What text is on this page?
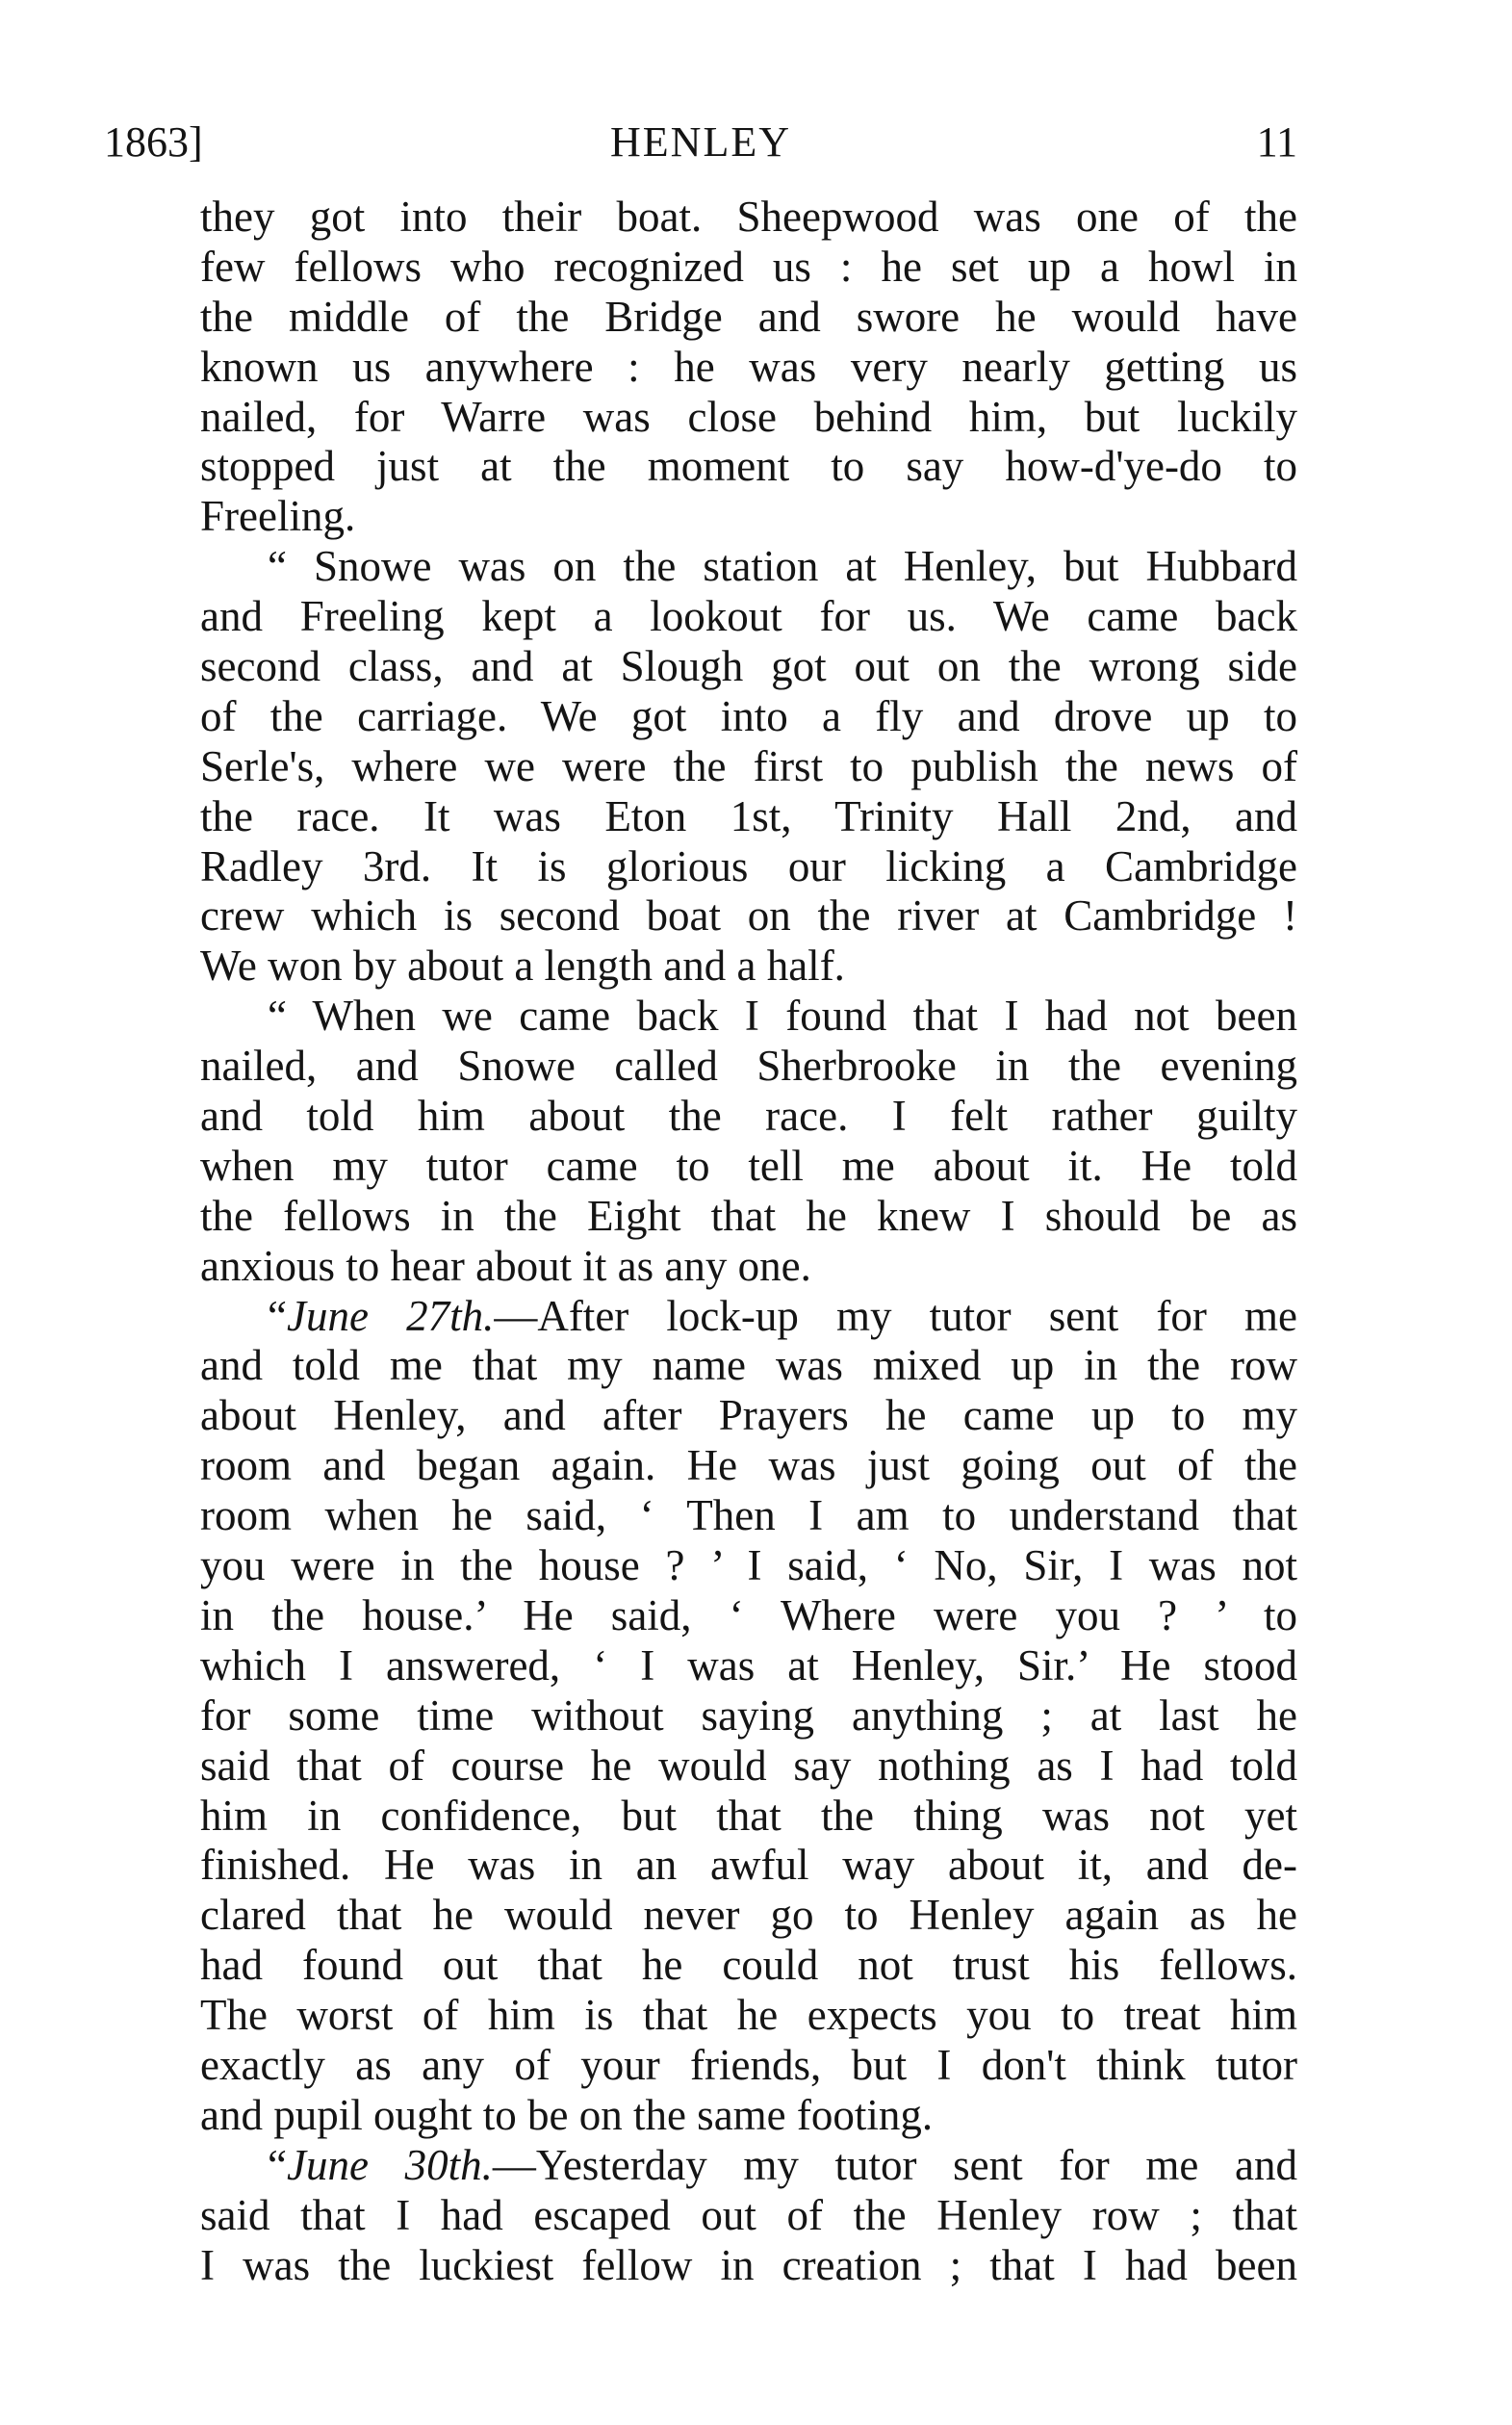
1863]	HENLEY	11
they got into their boat. Sheepwood was one of the
few fellows who recognized us : he set up a howl in
the middle of the Bridge and swore he would have
known us anywhere : he was very nearly getting us
nailed, for Warre was close behind him, but luckily
stopped just at the moment to say how-d'ye-do to
Freeling.
“ Snowe was on the station at Henley, but Hubbard
and Freeling kept a lookout for us. We came back
second class, and at Slough got out on the wrong side
of the carriage. We got into a fly and drove up to
Serle's, where we were the first to publish the news of
the race. It was Eton 1st, Trinity Hall 2nd, and
Radley 3rd. It is glorious our licking a Cambridge
crew which is second boat on the river at Cambridge !
We won by about a length and a half.
“ When we came back I found that I had not been
nailed, and Snowe called Sherbrooke in the evening
and told him about the race. I felt rather guilty
when my tutor came to tell me about it. He told
the fellows in the Eight that he knew I should be as
anxious to hear about it as any one.
“June 27th.—After lock-up my tutor sent for me
and told me that my name was mixed up in the row
about Henley, and after Prayers he came up to my
room and began again. He was just going out of the
room when he said, ‘ Then I am to understand that
you were in the house ? ’ I said, ‘ No, Sir, I was not
in the house.’ He said, ‘ Where were you ? ’ to
which I answered, ‘ I was at Henley, Sir.’ He stood
for some time without saying anything ; at last he
said that of course he would say nothing as I had told
him in confidence, but that the thing was not yet
finished. He was in an awful way about it, and de-
clared that he would never go to Henley again as he
had found out that he could not trust his fellows.
The worst of him is that he expects you to treat him
exactly as any of your friends, but I don't think tutor
and pupil ought to be on the same footing.
“June 30th.—Yesterday my tutor sent for me and
said that I had escaped out of the Henley row ; that
I was the luckiest fellow in creation ; that I had been
